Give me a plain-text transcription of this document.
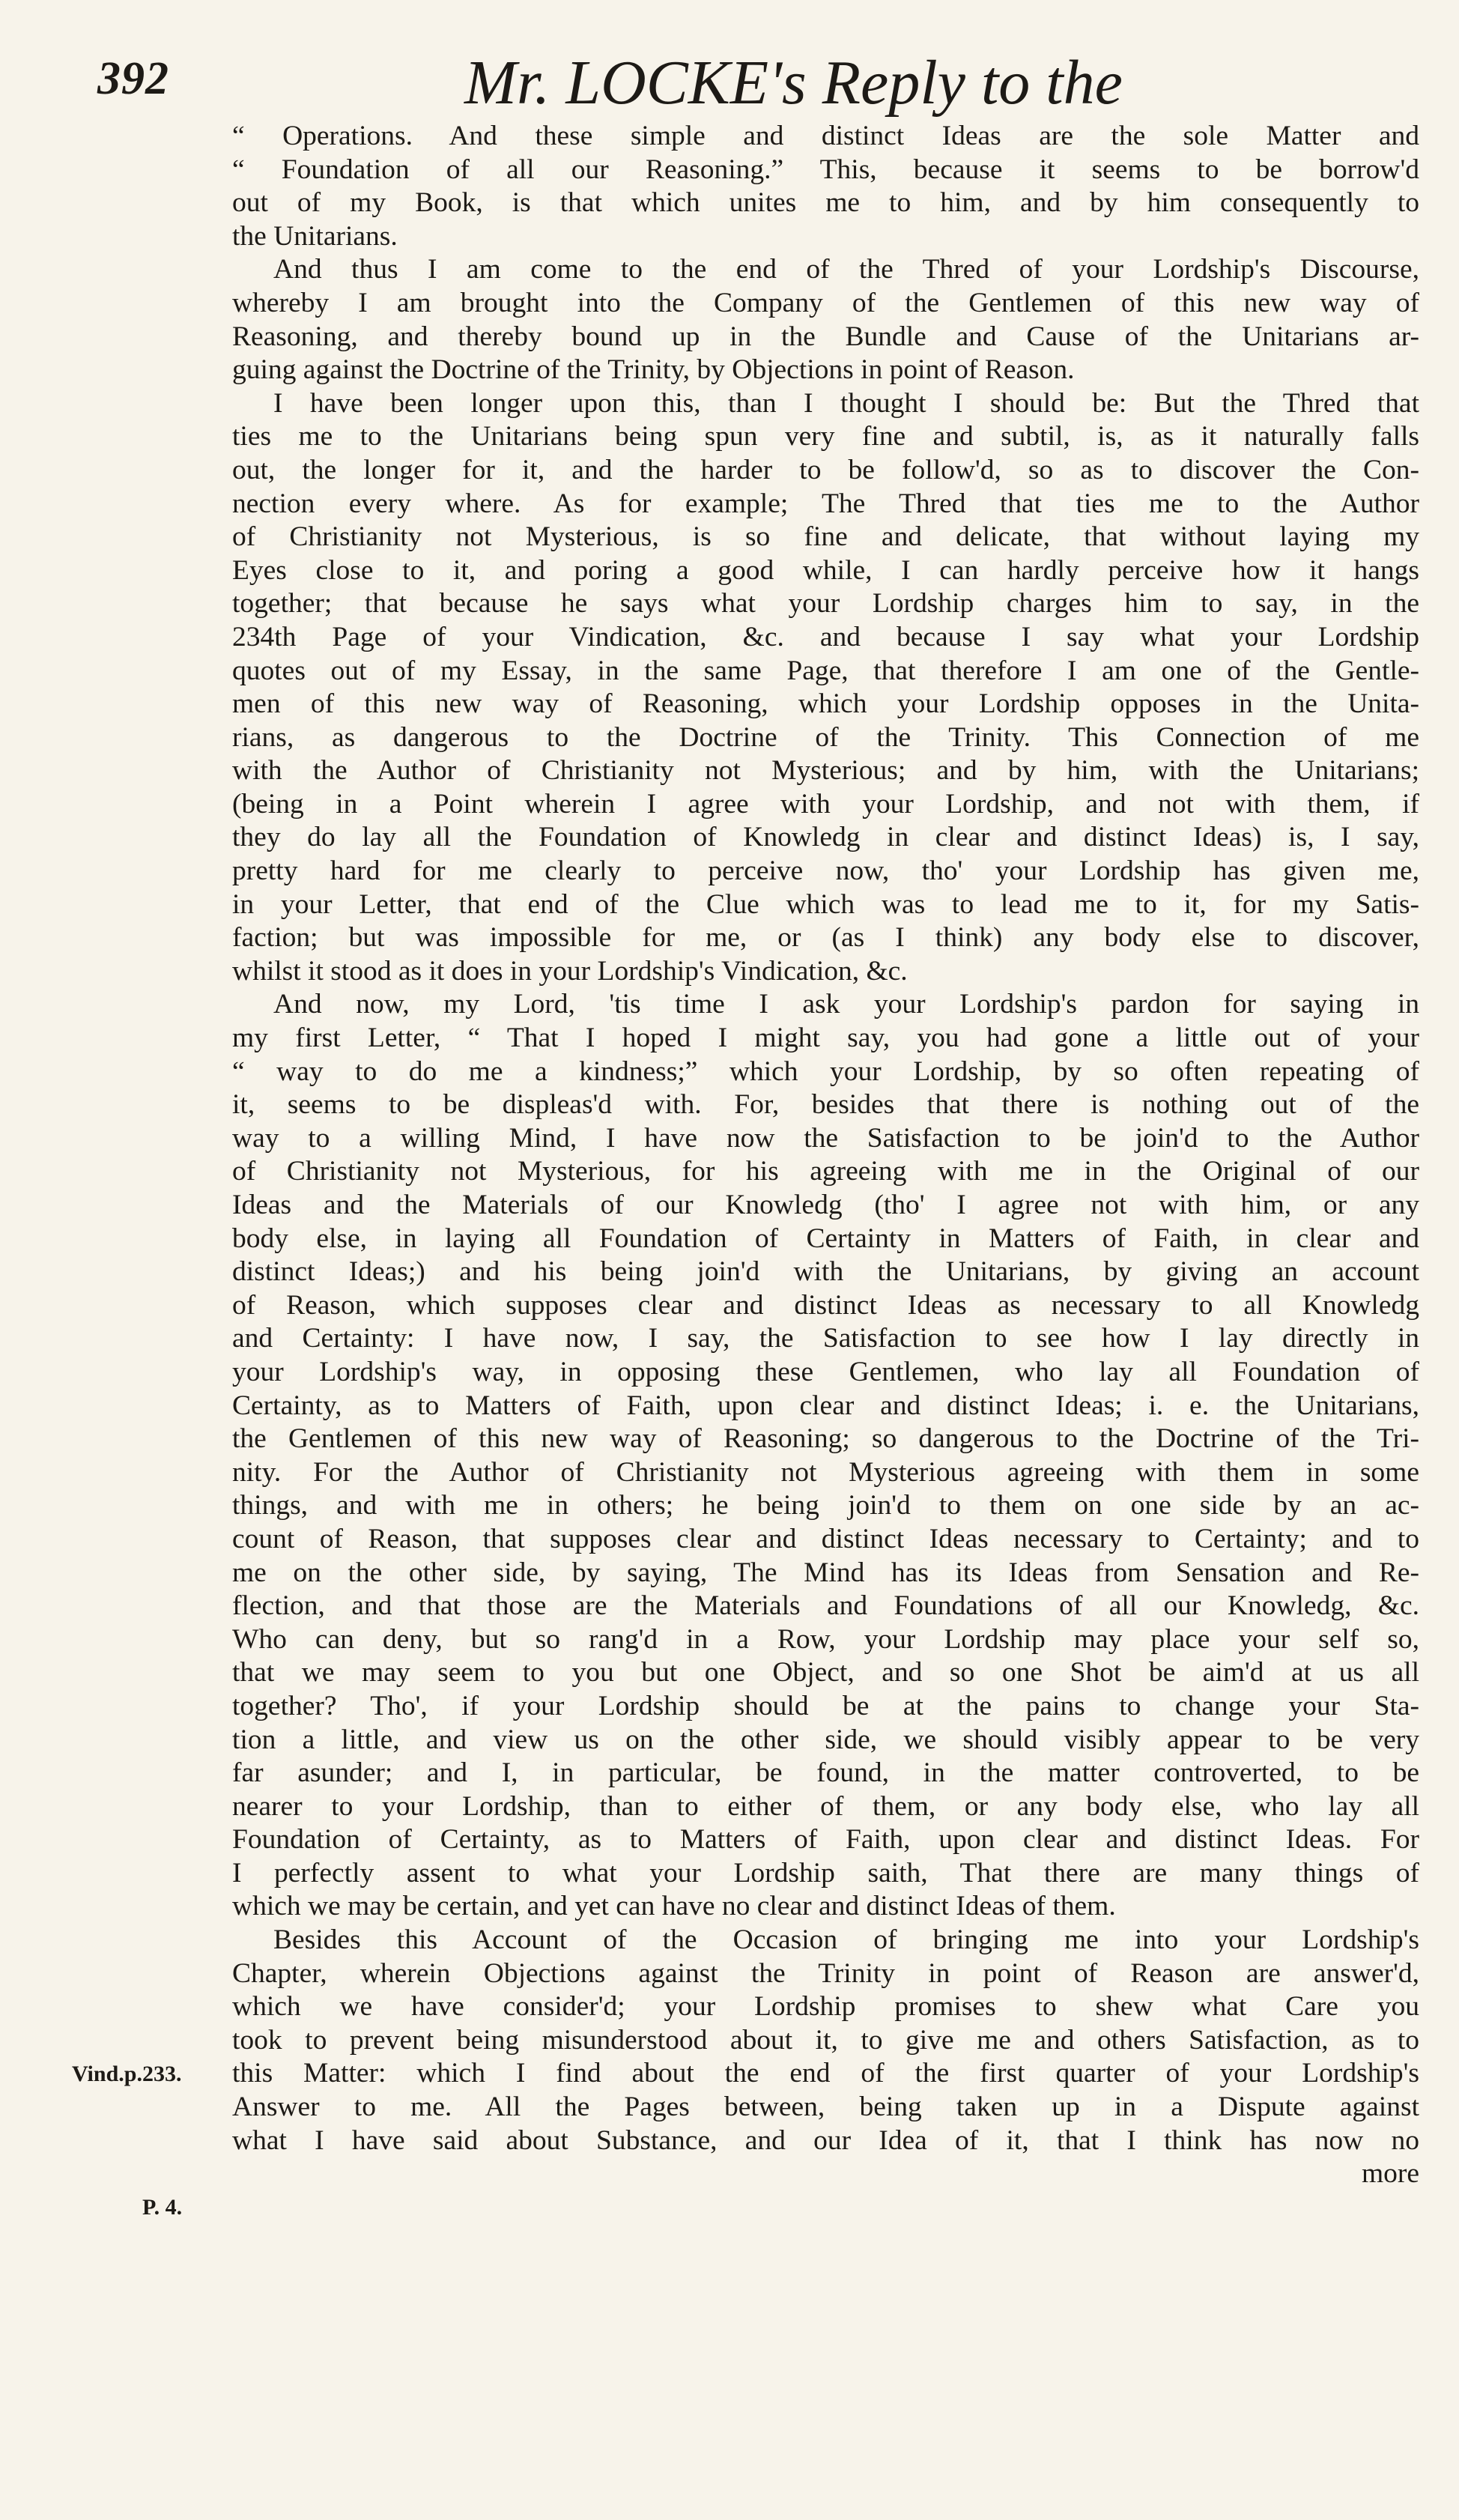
392	Mr. LOCKE's Reply to the
Vind.p.233.
P. 4.
“ Operations. And these simple and distinct Ideas are the sole Matter and
“ Foundation of all our Reasoning.” This, because it seems to be borrow'd
out of my Book, is that which unites me to him, and by him consequently to
the Unitarians.
And thus I am come to the end of the Thred of your Lordship's Discourse,
whereby I am brought into the Company of the Gentlemen of this new way of
Reasoning, and thereby bound up in the Bundle and Cause of the Unitarians ar-
guing against the Doctrine of the Trinity, by Objections in point of Reason.
I have been longer upon this, than I thought I should be: But the Thred that
ties me to the Unitarians being spun very fine and subtil, is, as it naturally falls
out, the longer for it, and the harder to be follow'd, so as to discover the Con-
nection every where. As for example; The Thred that ties me to the Author
of Christianity not Mysterious, is so fine and delicate, that without laying my
Eyes close to it, and poring a good while, I can hardly perceive how it hangs
together; that because he says what your Lordship charges him to say, in the
234th Page of your Vindication, &c. and because I say what your Lordship
quotes out of my Essay, in the same Page, that therefore I am one of the Gentle-
men of this new way of Reasoning, which your Lordship opposes in the Unita-
rians, as dangerous to the Doctrine of the Trinity. This Connection of me
with the Author of Christianity not Mysterious; and by him, with the Unitarians;
(being in a Point wherein I agree with your Lordship, and not with them, if
they do lay all the Foundation of Knowledg in clear and distinct Ideas) is, I say,
pretty hard for me clearly to perceive now, tho' your Lordship has given me,
in your Letter, that end of the Clue which was to lead me to it, for my Satis-
faction; but was impossible for me, or (as I think) any body else to discover,
whilst it stood as it does in your Lordship's Vindication, &c.
And now, my Lord, 'tis time I ask your Lordship's pardon for saying in
my first Letter, “ That I hoped I might say, you had gone a little out of your
“ way to do me a kindness;” which your Lordship, by so often repeating of
it, seems to be displeas'd with. For, besides that there is nothing out of the
way to a willing Mind, I have now the Satisfaction to be join'd to the Author
of Christianity not Mysterious, for his agreeing with me in the Original of our
Ideas and the Materials of our Knowledg (tho' I agree not with him, or any
body else, in laying all Foundation of Certainty in Matters of Faith, in clear and
distinct Ideas;) and his being join'd with the Unitarians, by giving an account
of Reason, which supposes clear and distinct Ideas as necessary to all Knowledg
and Certainty: I have now, I say, the Satisfaction to see how I lay directly in
your Lordship's way, in opposing these Gentlemen, who lay all Foundation of
Certainty, as to Matters of Faith, upon clear and distinct Ideas; i. e. the Unitarians,
the Gentlemen of this new way of Reasoning; so dangerous to the Doctrine of the Tri-
nity. For the Author of Christianity not Mysterious agreeing with them in some
things, and with me in others; he being join'd to them on one side by an ac-
count of Reason, that supposes clear and distinct Ideas necessary to Certainty; and to
me on the other side, by saying, The Mind has its Ideas from Sensation and Re-
flection, and that those are the Materials and Foundations of all our Knowledg, &c.
Who can deny, but so rang'd in a Row, your Lordship may place your self so,
that we may seem to you but one Object, and so one Shot be aim'd at us all
together? Tho', if your Lordship should be at the pains to change your Sta-
tion a little, and view us on the other side, we should visibly appear to be very
far asunder; and I, in particular, be found, in the matter controverted, to be
nearer to your Lordship, than to either of them, or any body else, who lay all
Foundation of Certainty, as to Matters of Faith, upon clear and distinct Ideas. For
I perfectly assent to what your Lordship saith, That there are many things of
which we may be certain, and yet can have no clear and distinct Ideas of them.
Besides this Account of the Occasion of bringing me into your Lordship's
Chapter, wherein Objections against the Trinity in point of Reason are answer'd,
which we have consider'd; your Lordship promises to shew what Care you
took to prevent being misunderstood about it, to give me and others Satisfaction, as to
this Matter: which I find about the end of the first quarter of your Lordship's
Answer to me. All the Pages between, being taken up in a Dispute against
what I have said about Substance, and our Idea of it, that I think has now no
more
